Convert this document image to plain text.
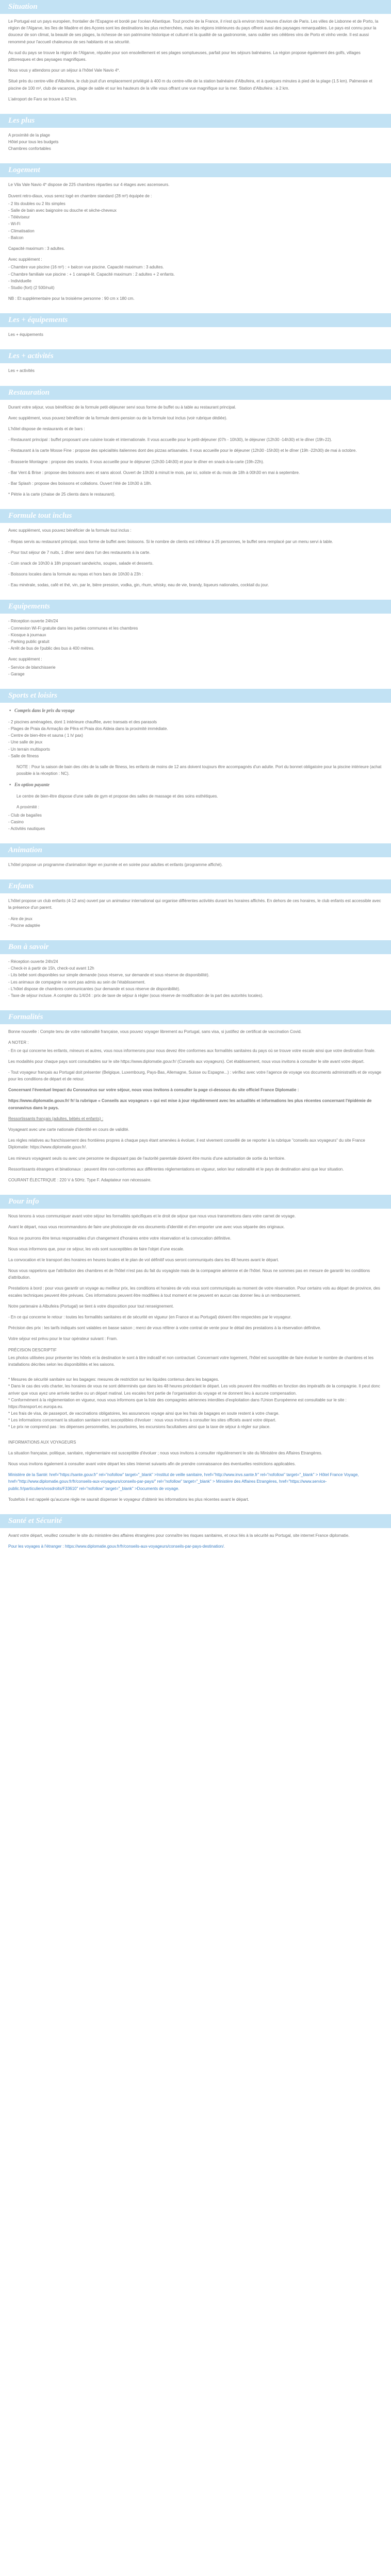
Situation

Le Portugal est un pays européen, frontalier de l'Espagne et bordé par l'océan Atlantique. Tout proche de la France, il n'est qu'à environ trois heures d'avion de Paris. Les villes de Lisbonne et de Porto, la région de l'Algarve, les îles de Madère et des Açores sont les destinations les plus recherchées, mais les régions intérieures du pays offrent aussi des paysages remarquables. Le pays est connu pour la douceur de son climat, la beauté de ses plages, la richesse de son patrimoine historique et culturel et la qualité de sa gastronomie, sans oublier ses célèbres vins de Porto et vinho verde. Il est aussi renommé pour l'accueil chaleureux de ses habitants et sa sécurité.

Au sud du pays se trouve la région de l'Algarve, réputée pour son ensoleillement et ses plages somptueuses, parfait pour les séjours balnéaires. La région propose également des golfs, villages pittoresques et des paysages magnifiques.

Nous vous y attendons pour un séjour à l'hôtel Vale Navio 4*.

Situé près du centre-ville d'Albufeira, le club jouit d'un emplacement privilégié à 400 m du centre-ville de la station balnéaire d'Albufeira, et à quelques minutes à pied de la plage (1.5 km). Palmeraie et piscine de 100 m², club de vacances, plage de sable et sur les hauteurs de la ville vous offrant une vue magnifique sur la mer. Station d'Albufeira : à 2 km.

L'aéroport de Faro se trouve à 52 km.

Les plus
A proximité de la plage
Hôtel pour tous les budgets
Chambres confortables
Logement

Le Vila Vale Navio 4* dispose de 225 chambres réparties sur 4 étages avec ascenseurs.

Duvent retro-diaux, vous serez logé en chambre standard (28 m²) équipée de :

- 2 lits doubles ou 2 lits simples
- Salle de bain avec baignoire ou douche et sèche-cheveux
- Téléviseur
- Wi-Fi
- Climatisation
- Balcon

Capacité maximum : 3 adultes.

Avec supplément :

- Chambre vue piscine (16 m²) : + balcon vue piscine. Capacité maximum : 3 adultes.
- Chambre familiale vue piscine : + 1 canapé-lit. Capacité maximum : 2 adultes + 2 enfants.
- Individuelle
- Studio (fort) (2 500/nuit)

NB : Et supplémentaire pour la troisième personne : 90 cm x 180 cm.

Les + équipements

Les + équipements

Les + activités

Les + activités

Restauration

Durant votre séjour, vous bénéficiez de la formule petit-déjeuner servi sous forme de buffet ou à table au restaurant principal.

Avec supplément, vous pouvez bénéficier de la formule demi-pension ou de la formule tout inclus (voir rubrique dédiée).

L'hôtel dispose de restaurants et de bars :

- Restaurant principal : buffet proposant une cuisine locale et internationale. Il vous accueille pour le petit-déjeuner (07h - 10h30), le déjeuner (12h30 -14h30) et le dîner (19h-22).

- Restaurant à la carte Mosse Fine : propose des spécialités italiennes dont des pizzas artisanales. Il vous accueille pour le déjeuner (12h30 -15h30) et le dîner (19h -22h30) de mai à octobre.

- Brasserie Montagne : propose des snacks. Il vous accueille pour le déjeuner (12h30-14h30) et pour le dîner en snack-à-la-carte (19h-22h).

- Bar Vent & Brise : propose des boissons avec et sans alcool. Ouvert de 10h30 à minuit le mois, par ici, soliste et du mois de 18h à 00h30 en mai à septembre.

- Bar Splash : propose des boissons et collations. Ouvert l'été de 10h30 à 18h.

* Pétrie à la carte (chaise de 25 clients dans le restaurant).

Formule tout inclus

Avec supplément, vous pouvez bénéficier de la formule tout inclus :

- Repas servis au restaurant principal, sous forme de buffet avec boissons. Si le nombre de clients est inférieur à 25 personnes, le buffet sera remplacé par un menu servi à table.

- Pour tout séjour de 7 nuits, 1 dîner servi dans l'un des restaurants à la carte.

- Coin snack de 10h30 à 18h proposant sandwichs, soupes, salade et desserts.

- Boissons locales dans la formule au repas et hors bars de 10h30 à 23h :

- Eau minérale, sodas, café et thé, vin, par le, bière pression, vodka, gin, rhum, whisky, eau de vie, brandy, liqueurs nationales, cocktail du jour.

Equipements
- Réception ouverte 24h/24
- Connexion Wi-Fi gratuite dans les parties communes et les chambres
- Kiosque à journaux
- Parking public gratuit
- Arrêt de bus de l'public des bus à 400 mètres.

Avec supplément :

- Service de blanchisserie
- Garage
Sports et loisirs
• Compris dans le prix du voyage
- 2 piscines aménagées, dont 1 intérieure chauffée, avec transats et des parasols
- Plages de Praia da Armação de Pêra et Praia dos Aldeia dans la proximité immédiate.
- Centre de bien-être et sauna ( 1 h/ pax)
- Une salle de jeux
- Un terrain multisports
- Salle de fitness

NOTE : Pour la saison de bain des clés de la salle de fitness, les enfants de moins de 12 ans doivent toujours être accompagnés d'un adulte. Port du bonnet obligatoire pour la piscine intérieure (achat possible à la réception : NC).

• En option payante

Le centre de bien-être dispose d'une salle de gym et propose des salles de massage et des soins esthétiques.

A proximité :

- Club de bagaïles
- Casino
- Activités nautiques
Animation

L'hôtel propose un programme d'animation léger en journée et en soirée pour adultes et enfants (programme affiché).

Enfants

L'hôtel propose un club enfants (4-12 ans) ouvert par un animateur international qui organise différentes activités durant les horaires affichés. En dehors de ces horaires, le club enfants est accessible avec la présence d'un parent.

- Aire de jeux
- Piscine adaptée
Bon à savoir
- Réception ouverte 24h/24
- Check-in à partir de 15h, check-out avant 12h
- Lits bébé sont disponibles sur simple demande (sous réserve, sur demande et sous réserve de disponibilité).
- Les animaux de compagnie ne sont pas admis au sein de l'établissement.
- L'hôtel dispose de chambres communicantes (sur demande et sous réserve de disponibilité).
- Taxe de séjour incluse. A compter du 1/4/24 : prix de taxe de séjour à régler (sous réserve de modification de la part des autorités locales).
Formalités

Bonne nouvelle : Compte tenu de votre nationalité française, vous pouvez voyager librement au Portugal, sans visa, si justifiez de certificat de vaccination Covid.

A NOTER :

- En ce qui concerne les enfants, mineurs et autres, vous nous informerons pour nous devez être conformes aux formalités sanitaires du pays où se trouve votre escale ainsi que votre destination finale.

Les modalités pour chaque pays sont consultables sur le site https://www.diplomatie.gouv.fr/ (Conseils aux voyageurs). Cet établissement, nous vous invitons à consulter le site avant votre départ.

- Tout voyageur français au Portugal doit présenter (Belgique, Luxembourg, Pays-Bas, Allemagne, Suisse ou Espagne...) : vérifiez avec votre l'agence de voyage vos documents administratifs et de voyage pour les conditions de départ et de retour.

Concernant l'éventuel Impact du Coronavirus sur votre séjour, nous vous invitons à consulter la page ci-dessous du site officiel France Diplomatie :

https://www.diplomatie.gouv.fr/ fr/ la rubrique « Conseils aux voyageurs » qui est mise à jour régulièrement avec les actualités et informations les plus récentes concernant l'épidémie de coronavirus dans le pays.

Ressortissants français (adultes, bébés et enfants) :

Voyageant avec une carte nationale d'identité en cours de validité.

Les règles relatives au franchissement des frontières propres à chaque pays étant amenées à évoluer, il est vivement conseillé de se reporter à la rubrique "conseils aux voyageurs" du site France Diplomatie: https://www.diplomatie.gouv.fr/.

Les mineurs voyageant seuls ou avec une personne ne disposant pas de l'autorité parentale doivent être munis d'une autorisation de sortie du territoire.

Ressortissants étrangers et binationaux : peuvent être non-conformes aux différentes réglementations en vigueur, selon leur nationalité et le pays de destination ainsi que leur situation.

COURANT ÉLECTRIQUE : 220 V à 50Hz. Type F. Adaptateur non nécessaire.

Pour info

Nous tenons à vous communiquer avant votre séjour les formalités spécifiques et le droit de séjour que nous vous transmettons dans votre carnet de voyage.

Avant le départ, nous vous recommandons de faire une photocopie de vos documents d'identité et d'en emporter une avec vous séparée des originaux.

Nous ne pourrons être tenus responsables d'un changement d'horaires entre votre réservation et la convocation définitive.

Nous vous informons que, pour ce séjour, les vols sont susceptibles de faire l'objet d'une escale.

La convocation et le transport des horaires en heures locales et le plan de vol définitif vous seront communiqués dans les 48 heures avant le départ.

Nous vous rappelons que l'attribution des chambres et de l'hôtel n'est pas du fait du voyagiste mais de la compagnie aérienne et de l'hôtel. Nous ne sommes pas en mesure de garantir les conditions d'attribution.

Prestations à bord : pour vous garantir un voyage au meilleur prix, les conditions et horaires de vols vous sont communiqués au moment de votre réservation. Pour certains vols au départ de province, des escales techniques peuvent être prévues. Ces informations peuvent être modifiées à tout moment et ne peuvent en aucun cas donner lieu à un remboursement.

Notre partenaire à Albufeira (Portugal) se tient à votre disposition pour tout renseignement.

- En ce qui concerne le retour : toutes les formalités sanitaires et de sécurité en vigueur (en France et au Portugal) doivent être respectées par le voyageur.

Précision des prix : les tarifs indiqués sont valables en basse saison ; merci de vous référer à votre contrat de vente pour le détail des prestations à la réservation définitive.

Votre séjour est prévu pour le tour opérateur suivant : Fram.

PRÉCISION DESCRIPTIF

Les photos utilisées pour présenter les hôtels et la destination le sont à titre indicatif et non contractuel. Concernant votre logement, l'hôtel est susceptible de faire évoluer le nombre de chambres et les installations décrites selon les disponibilités et les saisons.

* Mesures de sécurité sanitaire sur les bagages: mesures de restriction sur les liquides contenus dans les bagages.
* Dans le cas des vols charter, les horaires de vous ne sont déterminés que dans les 48 heures précédant le départ. Les vols peuvent être modifiés en fonction des impératifs de la compagnie. Il peut donc arriver que vous ayez une arrivée tardive ou un départ matinal. Les escales font partie de l'organisation du voyage et ne donnent lieu à aucune compensation.
* Conformément à la réglementation en vigueur, nous vous informons que la liste des compagnies aériennes interdites d'exploitation dans l'Union Européenne est consultable sur le site : https://transport.ec.europa.eu.
* Les frais de visa, de passeport, de vaccinations obligatoires, les assurances voyage ainsi que les frais de bagages en soute restent à votre charge.
* Les informations concernant la situation sanitaire sont susceptibles d'évoluer : nous vous invitons à consulter les sites officiels avant votre départ.
* Le prix ne comprend pas : les dépenses personnelles, les pourboires, les excursions facultatives ainsi que la taxe de séjour à régler sur place.

INFORMATIONS AUX VOYAGEURS

La situation française, politique, sanitaire, réglementaire est susceptible d'évoluer ; nous vous invitons à consulter régulièrement le site du Ministère des Affaires Etrangères.

Nous vous invitons également à consulter avant votre départ les sites Internet suivants afin de prendre connaissance des éventuelles restrictions applicables.

Ministère de la Santé: href="https://sante.gouv.fr" rel="nofollow" target="_blank" >Institut de veille sanitaire, href="http://www.invs.sante.fr" rel="nofollow" target="_blank" > Hôtel France Voyage, href="http://www.diplomatie.gouv.fr/fr/conseils-aux-voyageurs/conseils-par-pays/" rel="nofollow" target="_blank" > Ministère des Affaires Etrangères, href="https://www.service-public.fr/particuliers/vosdroits/F33610" rel="nofollow" target="_blank" >Documents de voyage.

Toutefois il est rappelé qu'aucune règle ne saurait dispenser le voyageur d'obtenir les informations les plus récentes avant le départ.

Santé et Sécurité

Avant votre départ, veuillez consulter le site du ministère des affaires étrangères pour connaître les risques sanitaires, et ceux liés à la sécurité au Portugal, site internet France diplomatie.

Pour les voyages à l'étranger : https://www.diplomatie.gouv.fr/fr/conseils-aux-voyageurs/conseils-par-pays-destination/.
